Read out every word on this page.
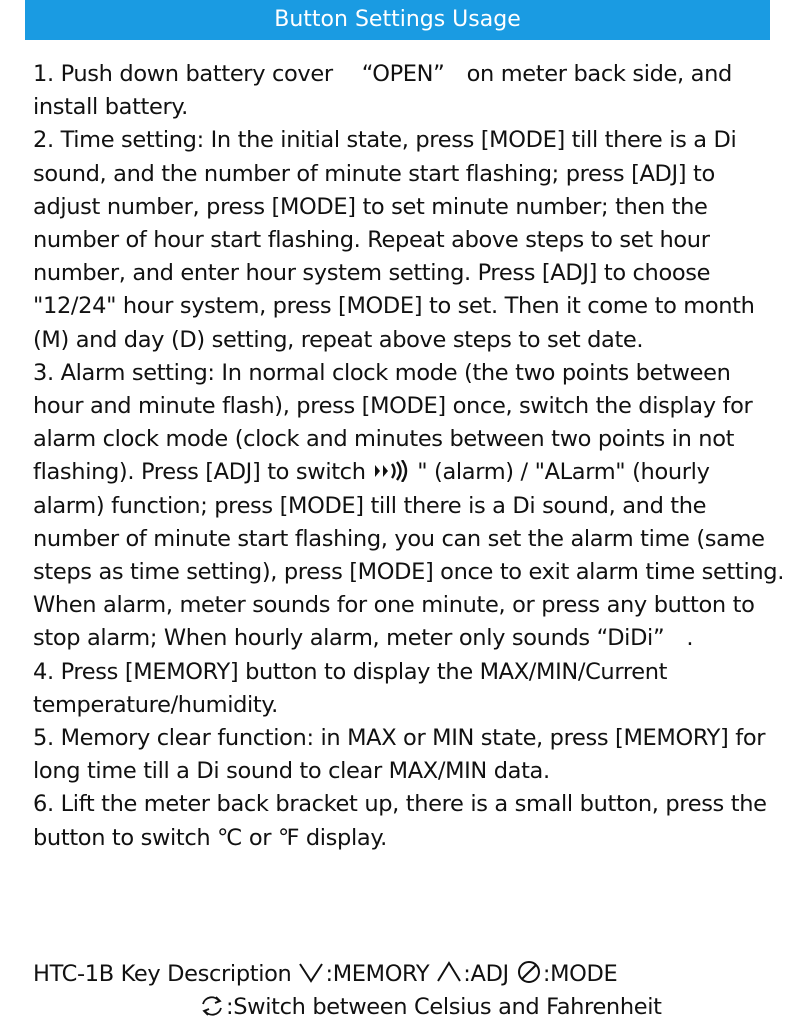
Button Settings Usage

1. Push down battery cover 　“OPEN”　on meter back side, and install battery.

2. Time setting: In the initial state, press [MODE] till there is a Di sound, and the number of minute start flashing; press [ADJ] to adjust number, press [MODE] to set minute number; then the number of hour start flashing. Repeat above steps to set hour number, and enter hour system setting. Press [ADJ] to choose "12/24" hour system, press [MODE] to set. Then it come to month (M) and day (D) setting, repeat above steps to set date.

3. Alarm setting: In normal clock mode (the two points between hour and minute flash), press [MODE] once, switch the display for alarm clock mode (clock and minutes between two points in not flashing). Press [ADJ] to switch  " (alarm) / "ALarm" (hourly alarm) function; press [MODE] till there is a Di sound, and the number of minute start flashing, you can set the alarm time (same steps as time setting), press [MODE] once to exit alarm time setting. When alarm, meter sounds for one minute, or press any button to stop alarm; When hourly alarm, meter only sounds “DiDi”　.

4. Press [MEMORY] button to display the MAX/MIN/Current temperature/humidity.

5. Memory clear function: in MAX or MIN state, press [MEMORY] for long time till a Di sound to clear MAX/MIN data.

6. Lift the meter back bracket up, there is a small button, press the button to switch ℃ or ℉ display.

HTC-1B Key Description :MEMORY :ADJ :MODE
:Switch between Celsius and Fahrenheit
